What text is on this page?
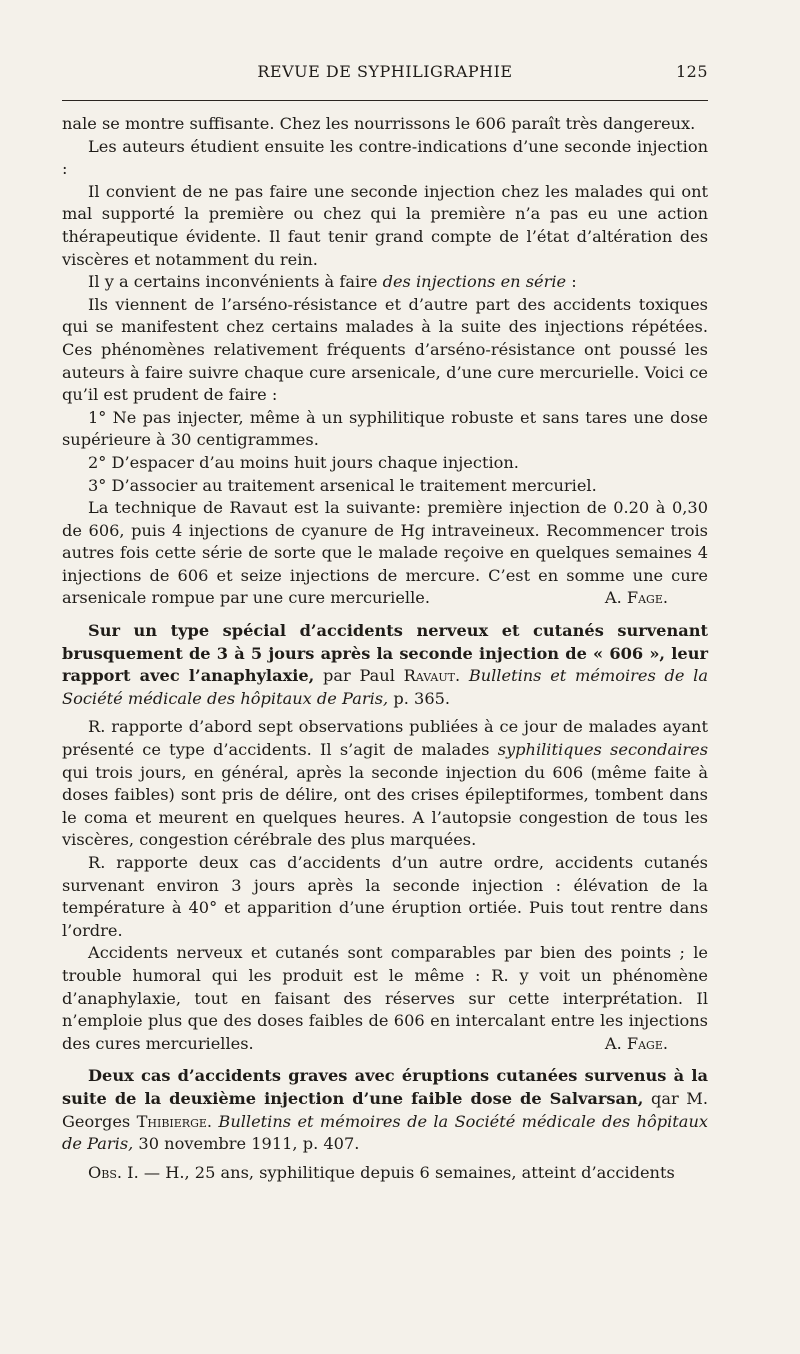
REVUE DE SYPHILIGRAPHIE	125

nale se montre suffisante. Chez les nourrissons le 606 paraît très dangereux.

Les auteurs étudient ensuite les contre-indications d’une seconde injection :

Il convient de ne pas faire une seconde injection chez les malades qui ont mal supporté la première ou chez qui la première n’a pas eu une action thérapeutique évidente. Il faut tenir grand compte de l’état d’altération des viscères et notamment du rein.

Il y a certains inconvénients à faire des injections en série :

Ils viennent de l’arséno-résistance et d’autre part des accidents toxiques qui se manifestent chez certains malades à la suite des injections répétées. Ces phénomènes relativement fréquents d’arséno-résistance ont poussé les auteurs à faire suivre chaque cure arsenicale, d’une cure mercurielle. Voici ce qu’il est prudent de faire :

1° Ne pas injecter, même à un syphilitique robuste et sans tares une dose supérieure à 30 centigrammes.

2° D’espacer d’au moins huit jours chaque injection.

3° D’associer au traitement arsenical le traitement mercuriel.

La technique de Ravaut est la suivante: première injection de 0.20 à 0,30 de 606, puis 4 injections de cyanure de Hg intraveineux. Recommencer trois autres fois cette série de sorte que le malade reçoive en quelques semaines 4 injections de 606 et seize injections de mercure. C’est en somme une cure arsenicale rompue par une cure mercurielle.	A. Fage.

Sur un type spécial d’accidents nerveux et cutanés survenant brusquement de 3 à 5 jours après la seconde injection de « 606 », leur rapport avec l’anaphylaxie, par Paul Ravaut. Bulletins et mémoires de la Société médicale des hôpitaux de Paris, p. 365.

R. rapporte d’abord sept observations publiées à ce jour de malades ayant présenté ce type d’accidents. Il s’agit de malades syphilitiques secondaires qui trois jours, en général, après la seconde injection du 606 (même faite à doses faibles) sont pris de délire, ont des crises épileptiformes, tombent dans le coma et meurent en quelques heures. A l’autopsie congestion de tous les viscères, congestion cérébrale des plus marquées.

R. rapporte deux cas d’accidents d’un autre ordre, accidents cutanés survenant environ 3 jours après la seconde injection : élévation de la température à 40° et apparition d’une éruption ortiée. Puis tout rentre dans l’ordre.

Accidents nerveux et cutanés sont comparables par bien des points ; le trouble humoral qui les produit est le même : R. y voit un phénomène d’anaphylaxie, tout en faisant des réserves sur cette interprétation. Il n’emploie plus que des doses faibles de 606 en intercalant entre les injections des cures mercurielles.	A. Fage.

Deux cas d’accidents graves avec éruptions cutanées survenus à la suite de la deuxième injection d’une faible dose de Salvarsan, qar M. Georges Thibierge. Bulletins et mémoires de la Société médicale des hôpitaux de Paris, 30 novembre 1911, p. 407.

Obs. I. — H., 25 ans, syphilitique depuis 6 semaines, atteint d’accidents
